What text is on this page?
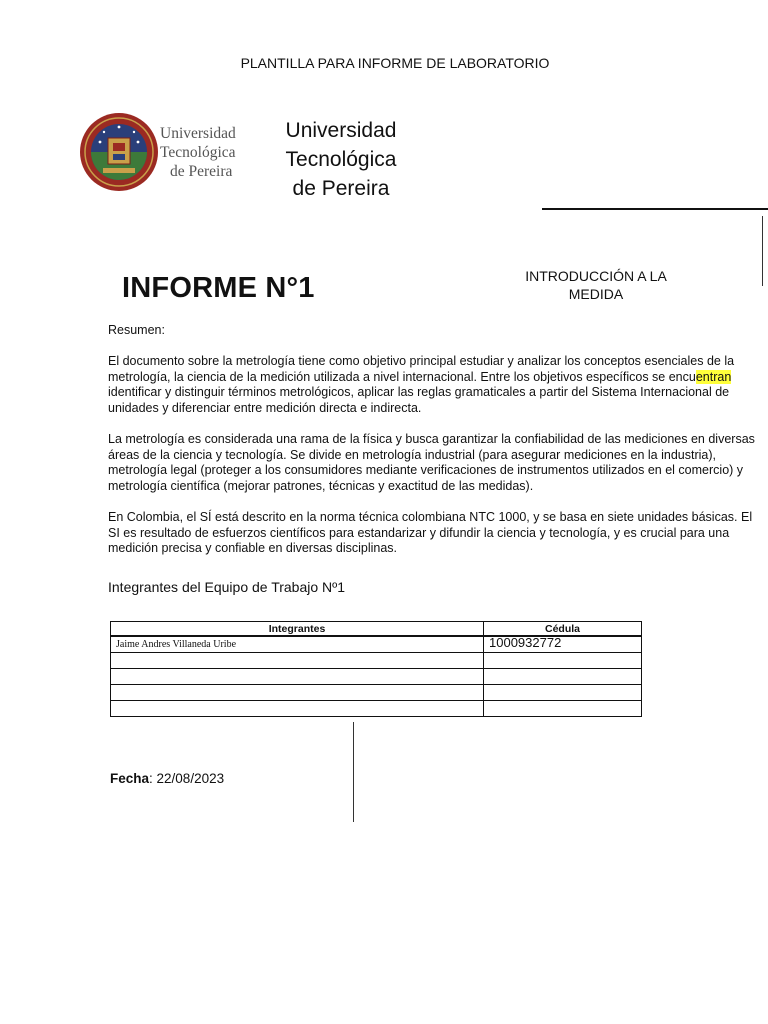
PLANTILLA PARA INFORME DE LABORATORIO
Universidad
Tecnológica
de Pereira
Universidad
Tecnológica
de Pereira
INFORME N°1	INTRODUCCIÓN A LA
MEDIDA
Resumen:
El documento sobre la metrología tiene como objetivo principal estudiar y analizar los conceptos esenciales de la metrología, la ciencia de la medición utilizada a nivel internacional. Entre los objetivos específicos se encuentran identificar y distinguir términos metrológicos, aplicar las reglas gramaticales a partir del Sistema Internacional de unidades y diferenciar entre medición directa e indirecta.
La metrología es considerada una rama de la física y busca garantizar la confiabilidad de las mediciones en diversas áreas de la ciencia y tecnología. Se divide en metrología industrial (para asegurar mediciones en la industria), metrología legal (proteger a los consumidores mediante verificaciones de instrumentos utilizados en el comercio) y metrología científica (mejorar patrones, técnicas y exactitud de las medidas).
En Colombia, el SÍ está descrito en la norma técnica colombiana NTC 1000, y se basa en siete unidades básicas. El SI es resultado de esfuerzos científicos para estandarizar y difundir la ciencia y tecnología, y es crucial para una medición precisa y confiable en diversas disciplinas.
Integrantes del Equipo de Trabajo Nº1
Integrantes	Cédula
Jaime Andres Villaneda Uribe	1000932772

Fecha: 22/08/2023
